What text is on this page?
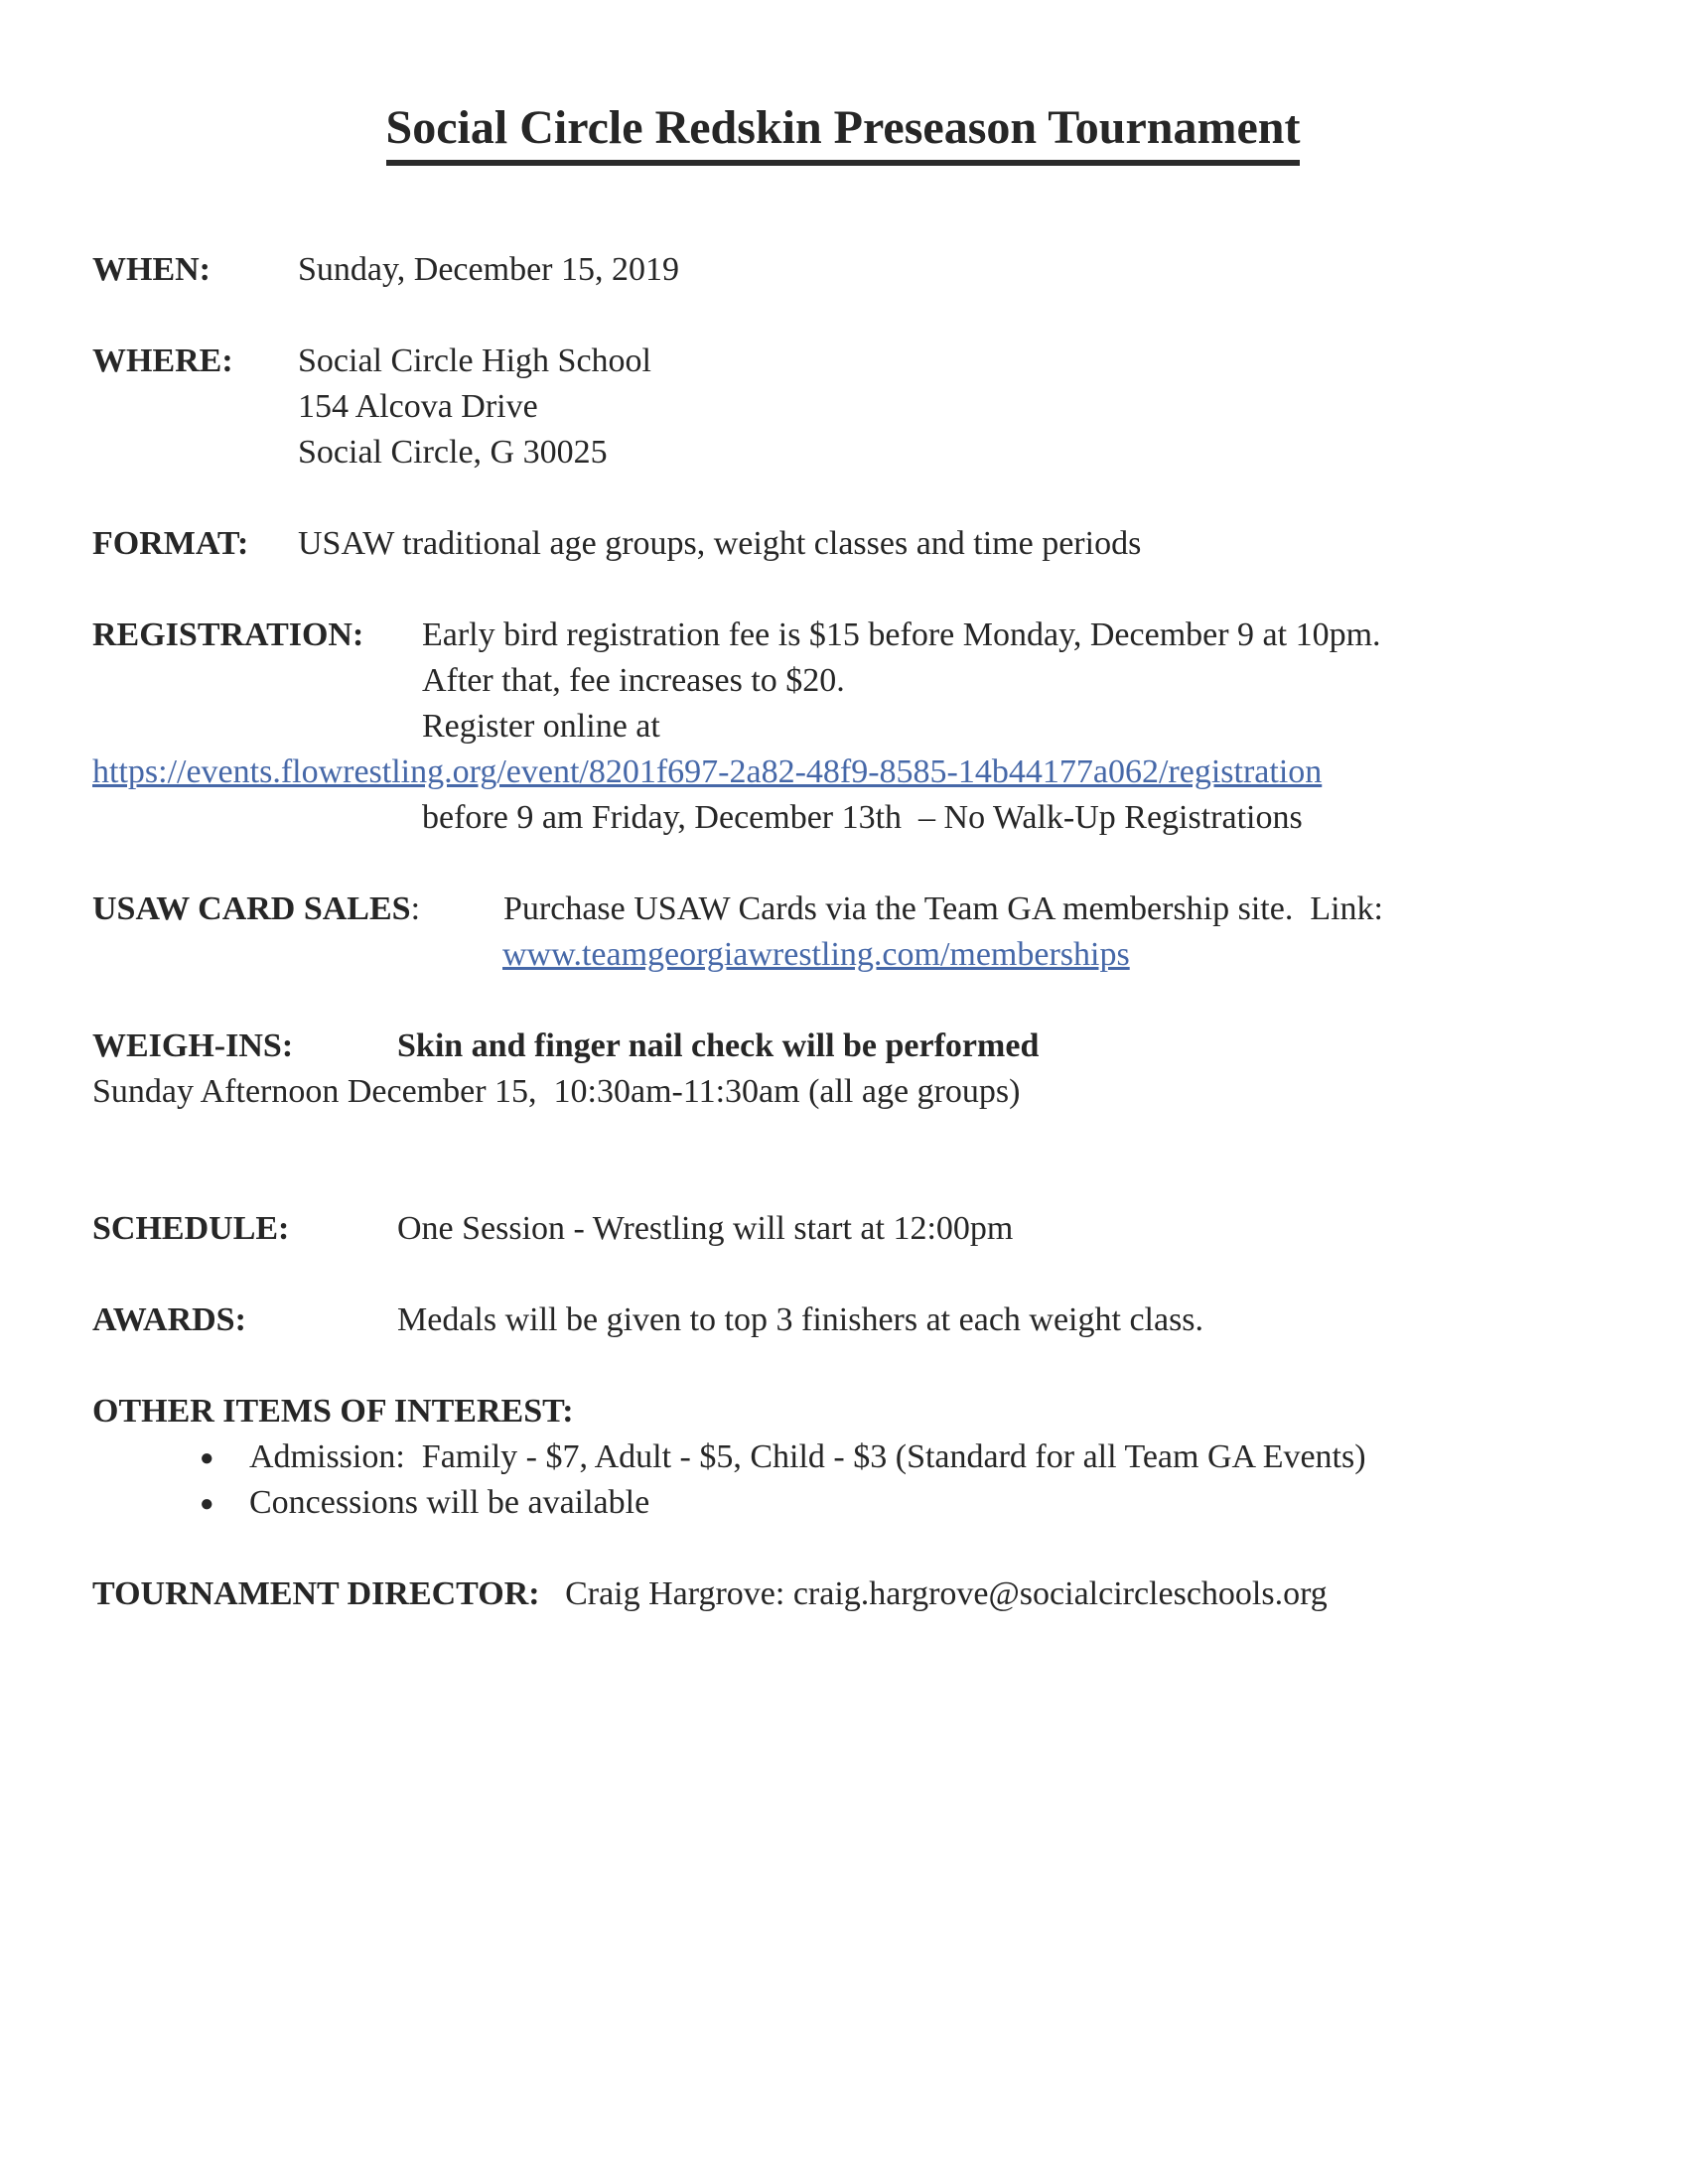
Social Circle Redskin Preseason Tournament
WHEN:	Sunday, December 15, 2019
WHERE:	Social Circle High School
154 Alcova Drive
Social Circle, G 30025
FORMAT:	USAW traditional age groups, weight classes and time periods
REGISTRATION:	Early bird registration fee is $15 before Monday, December 9 at 10pm.
After that, fee increases to $20.
Register online at
https://events.flowrestling.org/event/8201f697-2a82-48f9-8585-14b44177a062/registration
before 9 am Friday, December 13th  – No Walk-Up Registrations
USAW CARD SALES:	Purchase USAW Cards via the Team GA membership site.  Link:
www.teamgeorgiawrestling.com/memberships
WEIGH-INS:	Skin and finger nail check will be performed
Sunday Afternoon December 15,  10:30am-11:30am (all age groups)
SCHEDULE:	One Session - Wrestling will start at 12:00pm
AWARDS:	Medals will be given to top 3 finishers at each weight class.
OTHER ITEMS OF INTEREST:
● Admission:  Family - $7, Adult - $5, Child - $3 (Standard for all Team GA Events)
● Concessions will be available
TOURNAMENT DIRECTOR: Craig Hargrove: craig.hargrove@socialcircleschools.org
